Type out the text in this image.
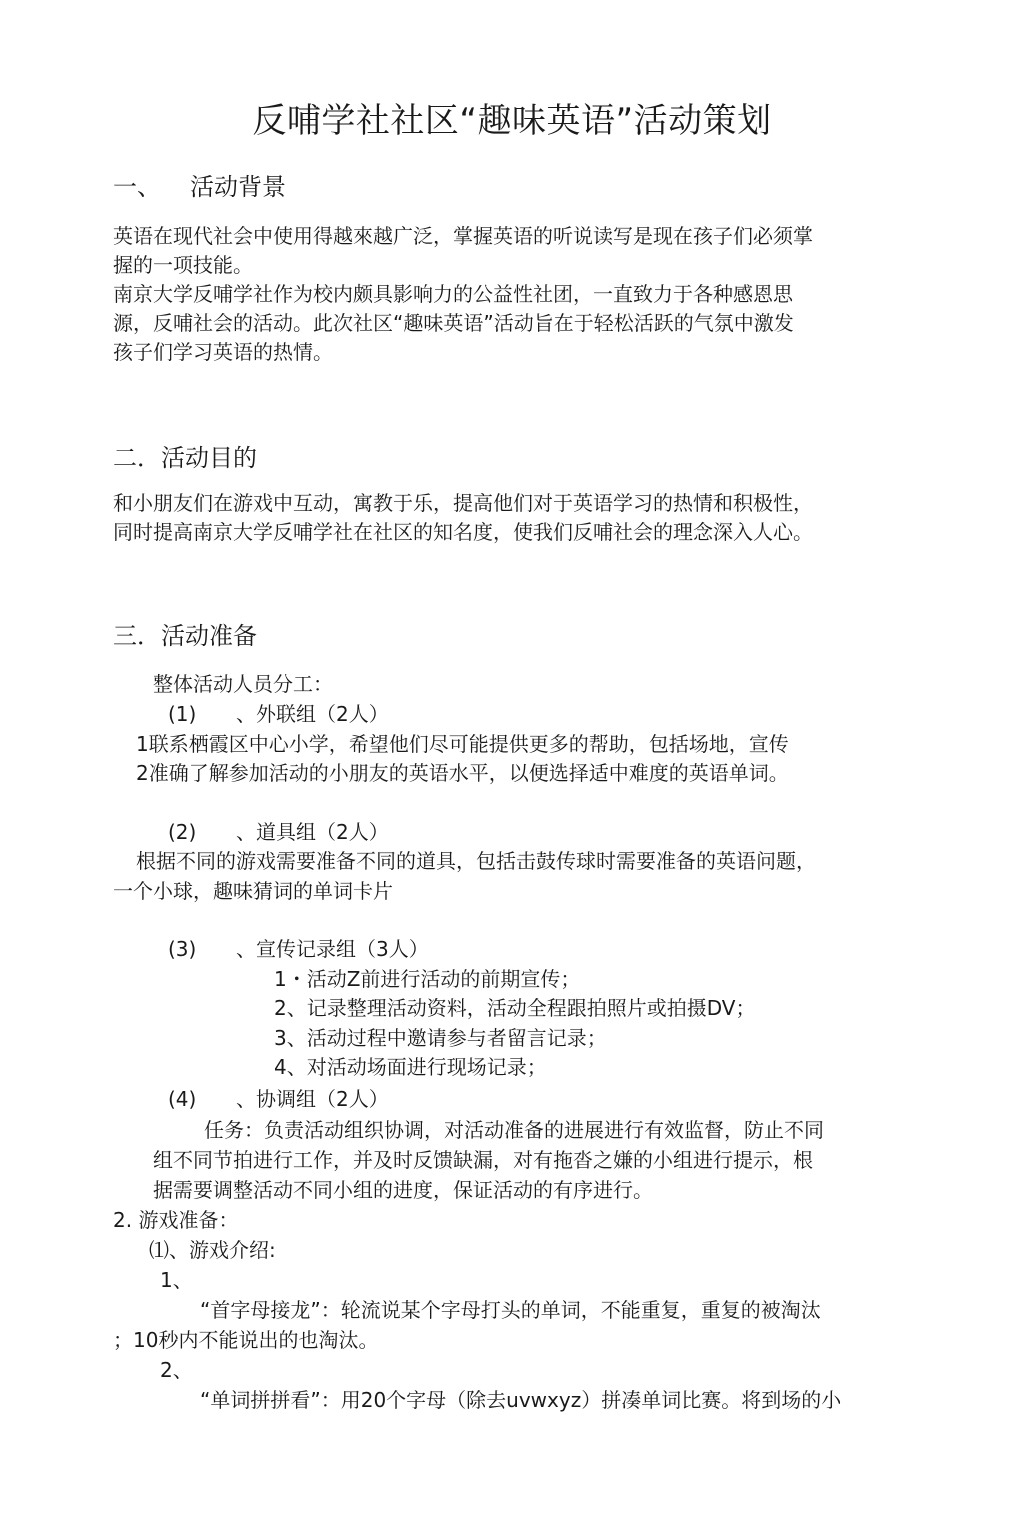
反哺学社社区“趣味英语”活动策划
一、 活动背景
英语在现代社会中使用得越來越广泛，掌握英语的听说读写是现在孩子们必须掌
握的一项技能。
南京大学反哺学社作为校内颇具影响力的公益性社团，一直致力于各种感恩思
源，反哺社会的活动。此次社区“趣味英语”活动旨在于轻松活跃的气氛中激发
孩子们学习英语的热情。
二．活动目的
和小朋友们在游戏中互动，寓教于乐，提高他们对于英语学习的热情和积极性，
同时提高南京大学反哺学社在社区的知名度，使我们反哺社会的理念深入人心。
三．活动准备
整体活动人员分工：
(1) 、外联组（2人）
1联系栖霞区中心小学，希望他们尽可能提供更多的帮助，包括场地，宣传
2准确了解参加活动的小朋友的英语水平，以便选择适中难度的英语单词。
(2) 、道具组（2人）
根据不同的游戏需要准备不同的道具，包括击鼓传球时需要准备的英语问题，
一个小球，趣味猜词的单词卡片
(3) 、宣传记录组（3人）
1・活动Z前进行活动的前期宣传；
2、记录整理活动资料，活动全程跟拍照片或拍摄DV；
3、活动过程中邀请参与者留言记录；
4、对活动场面进行现场记录；
(4) 、协调组（2人）
任务：负责活动组织协调，对活动准备的进展进行有效监督，防止不同
组不同节拍进行工作，并及时反馈缺漏，对有拖沓之嫌的小组进行提示，根
据需要调整活动不同小组的进度，保证活动的有序进行。
2. 游戏准备：
⑴、游戏介绍:
1、
“首字母接龙”：轮流说某个字母打头的单词，不能重复，重复的被淘汰
；10秒内不能说出的也淘汰。
2、
“单词拼拼看”：用20个字母（除去uvwxyz）拼凑单词比赛。将到场的小
